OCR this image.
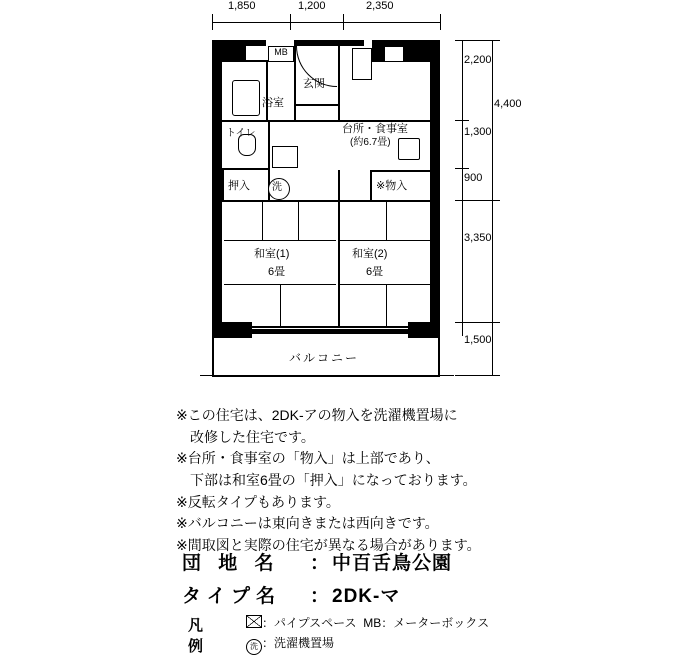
1,850	1,200	2,350
2,200
1,300
900
3,350
1,500
4,400
バルコニー
MB
洗
玄関
浴室
トイレ	台所・食事室
(約6.7畳)
押入	※物入
和室(1)
6畳
和室(2)
6畳
※この住宅は、2DK-アの物入を洗濯機置場に
改修した住宅です。
※台所・食事室の「物入」は上部であり、
下部は和室6畳の「押入」になっております。
※反転タイプもあります。
※バルコニーは東向きまたは西向きです。
※間取図と実際の住宅が異なる場合があります。
団 地 名	： 中百舌鳥公園
タイプ名	： 2DK-マ
凡例
：パイプスペース MB：メーターボックス
洗 ：洗濯機置場
